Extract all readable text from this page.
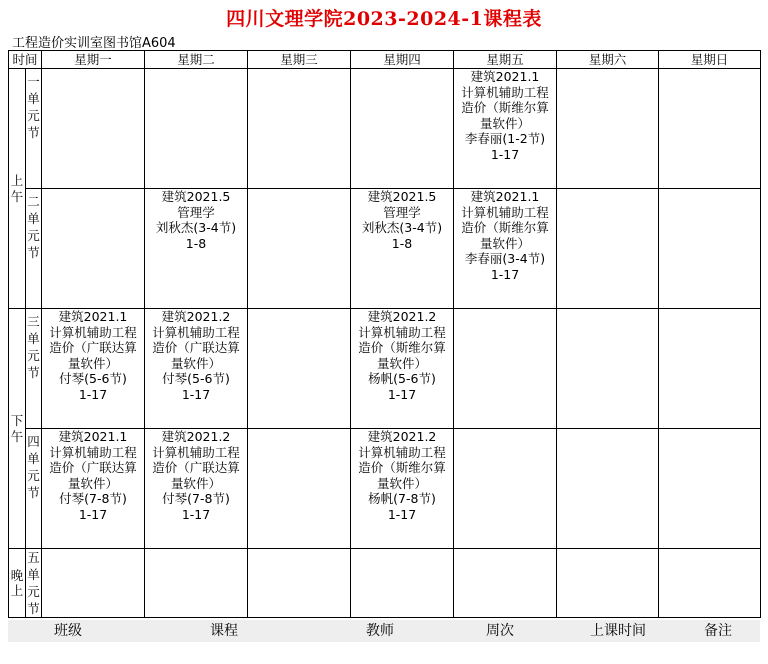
四川文理学院2023-2024-1课程表
工程造价实训室图书馆A604
时间		星期一	星期二	星期三	星期四	星期五	星期六	星期日

上午	一单元节					建筑2021.1
计算机辅助工程造价（斯维尔算量软件）
李春丽(1-2节)
1-17		

	二单元节		建筑2021.5
管理学
刘秋杰(3-4节)
1-8		建筑2021.5
管理学
刘秋杰(3-4节)
1-8	建筑2021.1
计算机辅助工程造价（斯维尔算量软件）
李春丽(3-4节)
1-17		

下午	三单元节	建筑2021.1
计算机辅助工程造价（广联达算量软件）
付琴(5-6节)
1-17	建筑2021.2
计算机辅助工程造价（广联达算量软件）
付琴(5-6节)
1-17		建筑2021.2
计算机辅助工程造价（斯维尔算量软件）
杨帆(5-6节)
1-17			

	四单元节	建筑2021.1
计算机辅助工程造价（广联达算量软件）
付琴(7-8节)
1-17	建筑2021.2
计算机辅助工程造价（广联达算量软件）
付琴(7-8节)
1-17		建筑2021.2
计算机辅助工程造价（斯维尔算量软件）
杨帆(7-8节)
1-17			

晚上	五单元节							

班级	课程	教师	周次	上课时间	备注
